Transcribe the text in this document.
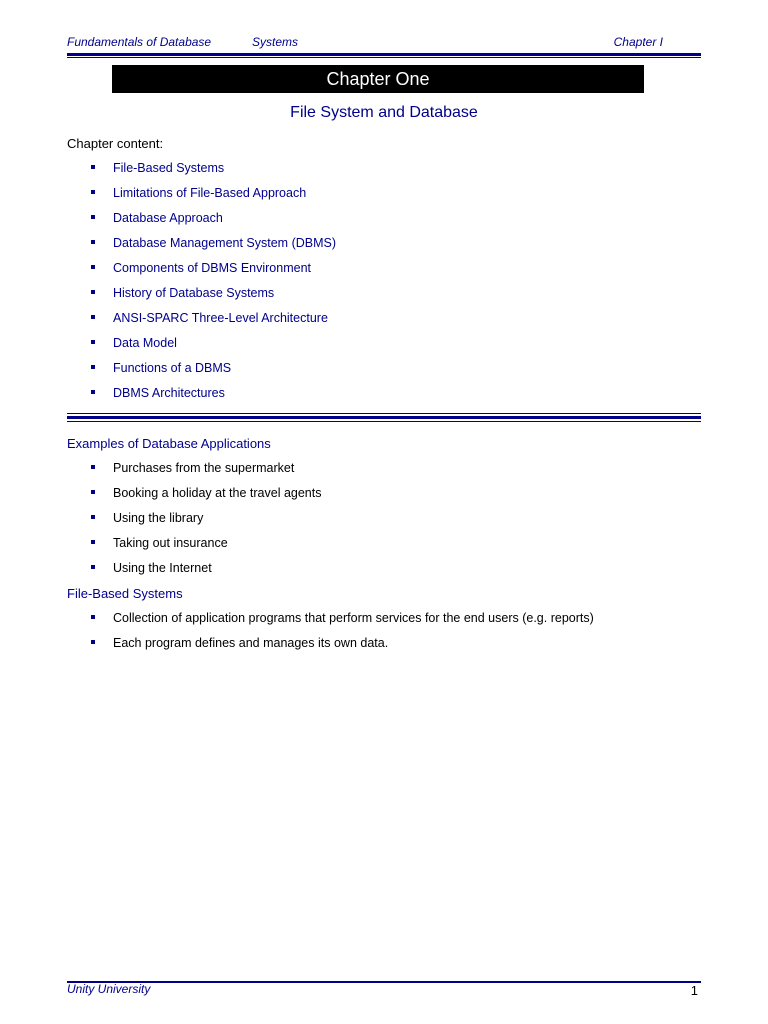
Fundamentals of Database	Systems	Chapter I
Chapter One
File System and Database
Chapter content:
File-Based Systems
Limitations of File-Based Approach
Database Approach
Database Management System (DBMS)
Components of DBMS Environment
History of Database Systems
ANSI-SPARC Three-Level Architecture
Data Model
Functions of a DBMS
DBMS Architectures
Examples of Database Applications
Purchases from the supermarket
Booking a holiday at the travel agents
Using the library
Taking out insurance
Using the Internet
File-Based Systems
Collection of application programs that perform services for the end users (e.g. reports)
Each program defines and manages its own data.
Unity University	1
